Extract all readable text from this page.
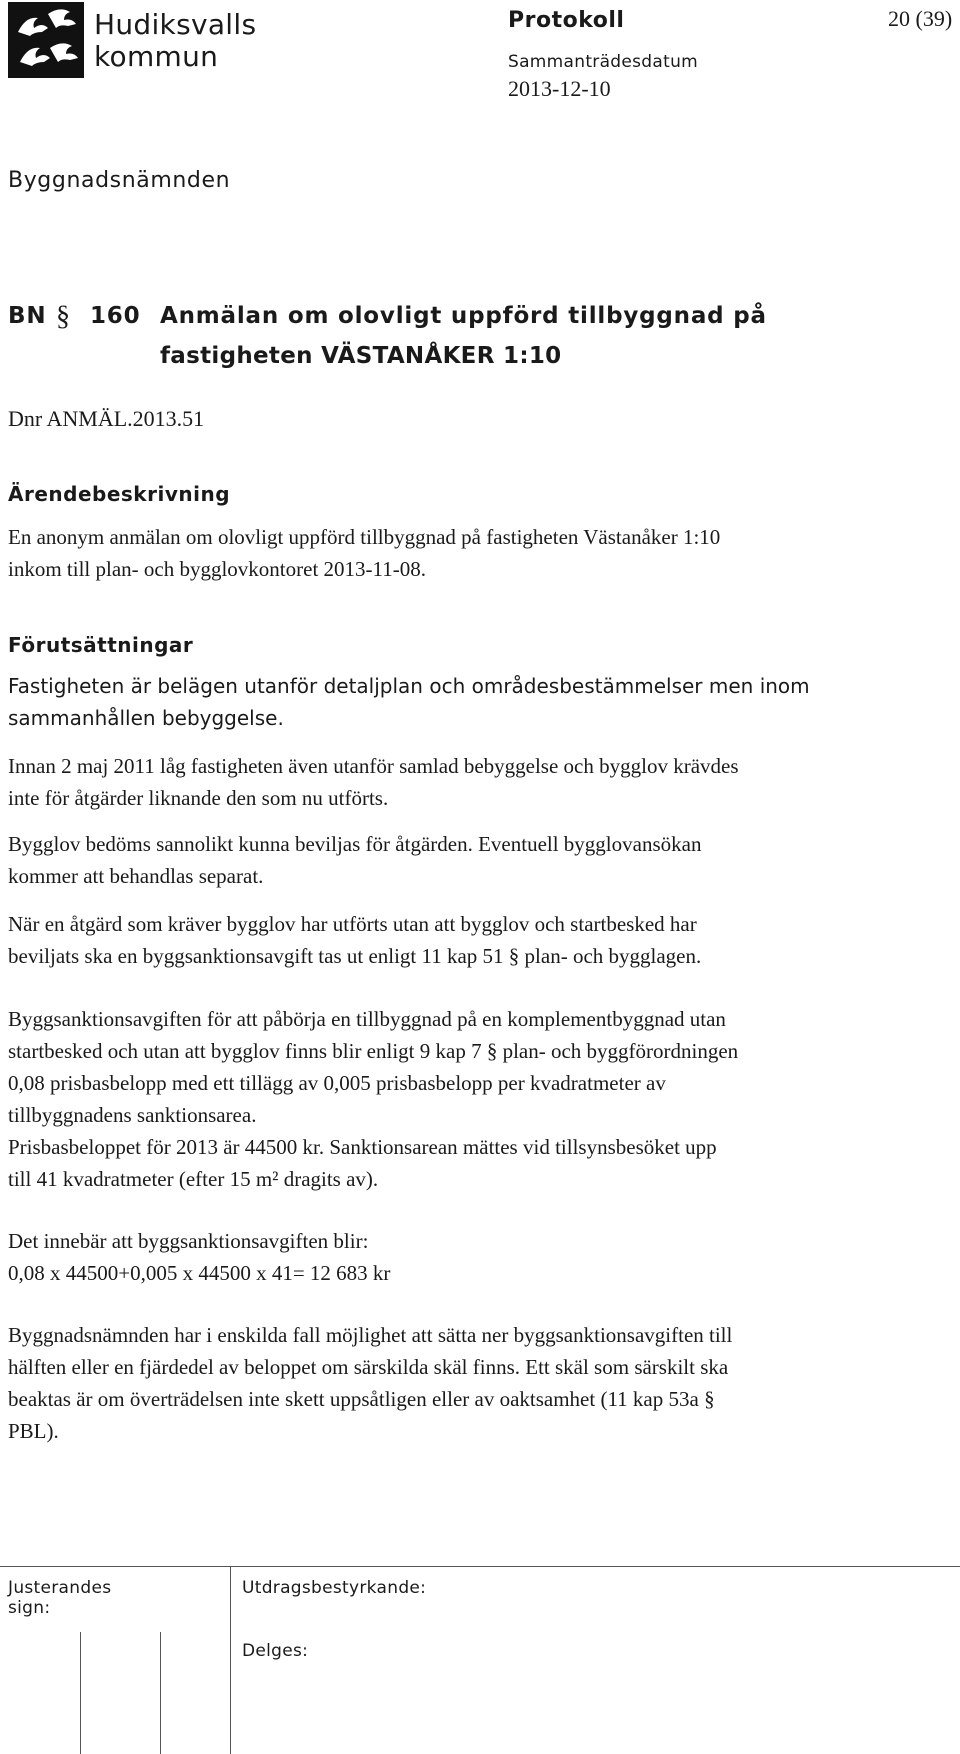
Hudiksvalls
kommun
Protokoll	20 (39)
Sammanträdesdatum
2013-12-10
Byggnadsnämnden
BN § 160 Anmälan om olovligt uppförd tillbyggnad på
fastigheten VÄSTANÅKER 1:10
Dnr ANMÄL.2013.51
Ärendebeskrivning
En anonym anmälan om olovligt uppförd tillbyggnad på fastigheten Västanåker 1:10
inkom till plan- och bygglovkontoret 2013-11-08.
Förutsättningar
Fastigheten är belägen utanför detaljplan och områdesbestämmelser men inom
sammanhållen bebyggelse.
Innan 2 maj 2011 låg fastigheten även utanför samlad bebyggelse och bygglov krävdes
inte för åtgärder liknande den som nu utförts.
Bygglov bedöms sannolikt kunna beviljas för åtgärden. Eventuell bygglovansökan
kommer att behandlas separat.
När en åtgärd som kräver bygglov har utförts utan att bygglov och startbesked har
beviljats ska en byggsanktionsavgift tas ut enligt 11 kap 51 § plan- och bygglagen.
Byggsanktionsavgiften för att påbörja en tillbyggnad på en komplementbyggnad utan
startbesked och utan att bygglov finns blir enligt 9 kap 7 § plan- och byggförordningen
0,08 prisbasbelopp med ett tillägg av 0,005 prisbasbelopp per kvadratmeter av
tillbyggnadens sanktionsarea.
Prisbasbeloppet för 2013 är 44500 kr. Sanktionsarean mättes vid tillsynsbesöket upp
till 41 kvadratmeter (efter 15 m² dragits av).
Det innebär att byggsanktionsavgiften blir:
0,08 x 44500+0,005 x 44500 x 41= 12 683 kr
Byggnadsnämnden har i enskilda fall möjlighet att sätta ner byggsanktionsavgiften till
hälften eller en fjärdedel av beloppet om särskilda skäl finns. Ett skäl som särskilt ska
beaktas är om överträdelsen inte skett uppsåtligen eller av oaktsamhet (11 kap 53a §
PBL).
Justerandes
sign:
Utdragsbestyrkande:
Delges:
